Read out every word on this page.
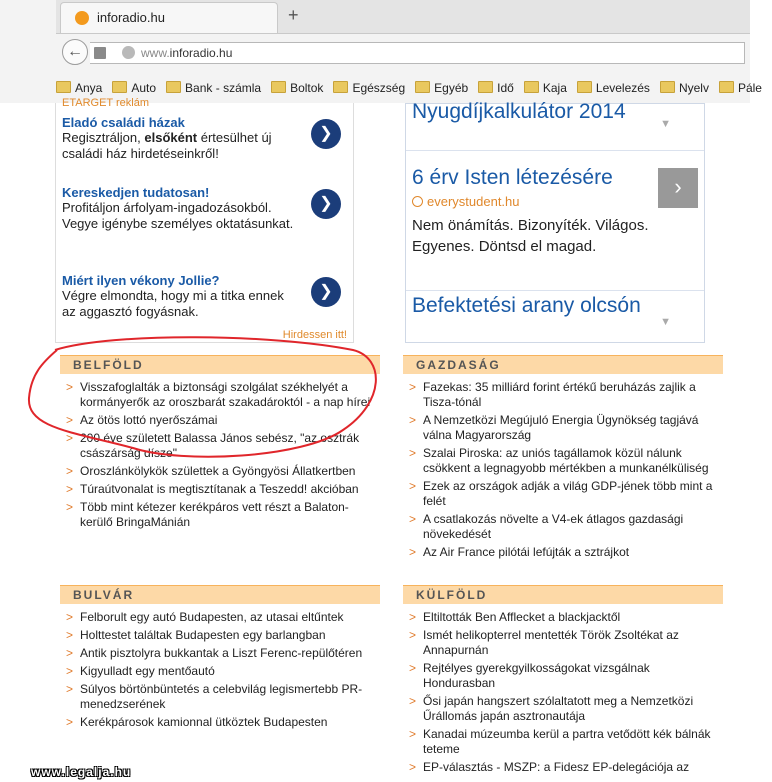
inforadio.hu	+
←	www.inforadio.hu
Anya Auto Bank - számla Boltok Egészség Egyéb Idő Kaja Levelezés Nyelv Pále
ETARGET reklám
Eladó családi házak
Regisztráljon, elsőként értesülhet új családi ház hirdetéseinkről!
❯
Kereskedjen tudatosan!
Profitáljon árfolyam-ingadozásokból. Vegye igénybe személyes oktatásunkat.
❯
Miért ilyen vékony Jollie?
Végre elmondta, hogy mi a titka ennek az aggasztó fogyásnak.
❯
Hirdessen itt!
Nyugdíjkalkulátor 2014
▼
6 érv Isten létezésére
everystudent.hu
Nem önámítás. Bizonyíték. Világos. Egyenes. Döntsd el magad.
›
Befektetési arany olcsón
▼
BELFÖLD
> Visszafoglalták a biztonsági szolgálat székhelyét a kormányerők az oroszbarát szakadároktól - a nap hírei
> Az ötös lottó nyerőszámai
> 200 éve született Balassa János sebész, "az osztrák császárság dísze"
> Oroszlánkölykök születtek a Gyöngyösi Állatkertben
> Túraútvonalat is megtisztítanak a Teszedd! akcióban
> Több mint kétezer kerékpáros vett részt a Balaton-kerülő BringaMánián
GAZDASÁG
> Fazekas: 35 milliárd forint értékű beruházás zajlik a Tisza-tónál
> A Nemzetközi Megújuló Energia Ügynökség tagjává válna Magyarország
> Szalai Piroska: az uniós tagállamok közül nálunk csökkent a legnagyobb mértékben a munkanélküliség
> Ezek az országok adják a világ GDP-jének több mint a felét
> A csatlakozás növelte a V4-ek átlagos gazdasági növekedését
> Az Air France pilótái lefújták a sztrájkot
BULVÁR
> Felborult egy autó Budapesten, az utasai eltűntek
> Holttestet találtak Budapesten egy barlangban
> Antik pisztolyra bukkantak a Liszt Ferenc-repülőtéren
> Kigyulladt egy mentőautó
> Súlyos börtönbüntetés a celebvilág legismertebb PR-menedzserének
> Kerékpárosok kamionnal ütköztek Budapesten
KÜLFÖLD
> Eltiltották Ben Afflecket a blackjacktől
> Ismét helikopterrel mentették Török Zsoltékat az Annapurnán
> Rejtélyes gyerekgyilkosságokat vizsgálnak Hondurasban
> Ősi japán hangszert szólaltatott meg a Nemzetközi Űrállomás japán asztronautája
> Kanadai múzeumba kerül a partra vetődött kék bálnák teteme
> EP-választás - MSZP: a Fidesz EP-delegációja az
www.legalja.hu
